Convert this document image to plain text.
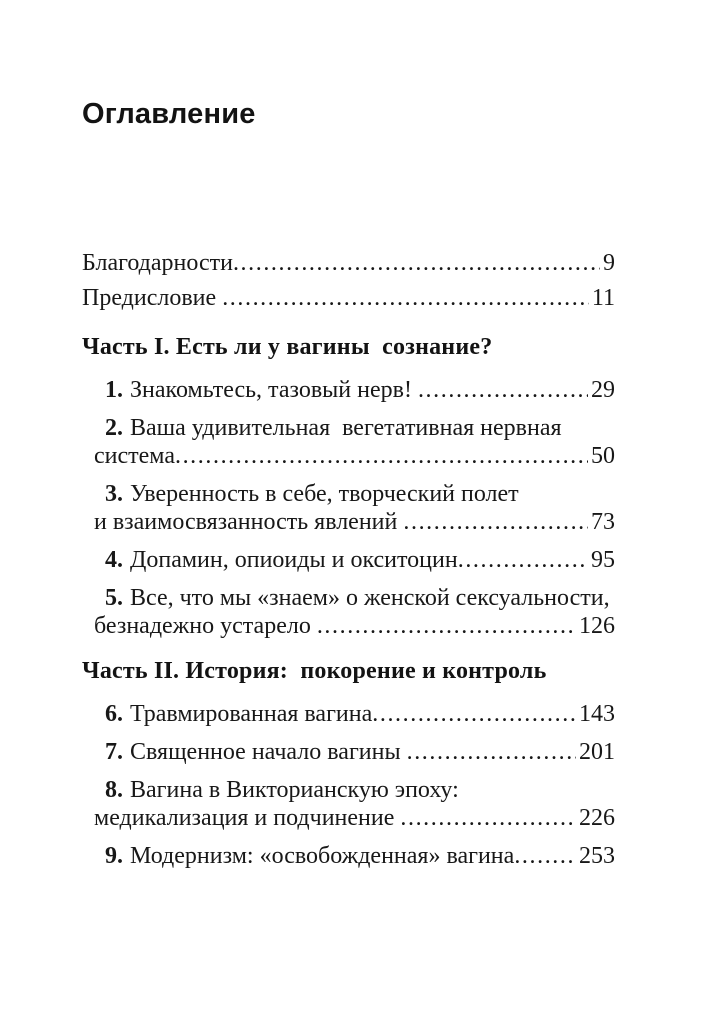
Оглавление
Благодарности .....	9
Предисловие .....	11
Часть I. Есть ли у вагины  сознание?
1. Знакомьтесь, тазовый нерв! .....	29
2. Ваша удивительная  вегетативная нервная
система .....	50
3. Уверенность в себе, творческий полет
и взаимосвязанность явлений .....	73
4. Допамин, опиоиды и окситоцин .....	95
5. Все, что мы «знаем» о женской сексуальности,
безнадежно устарело .....	126
Часть II. История:  покорение и контроль
6. Травмированная вагина .....	143
7. Священное начало вагины .....	201
8. Вагина в Викторианскую эпоху:
медикализация и подчинение .....	226
9. Модернизм: «освобожденная» вагина .....	253
